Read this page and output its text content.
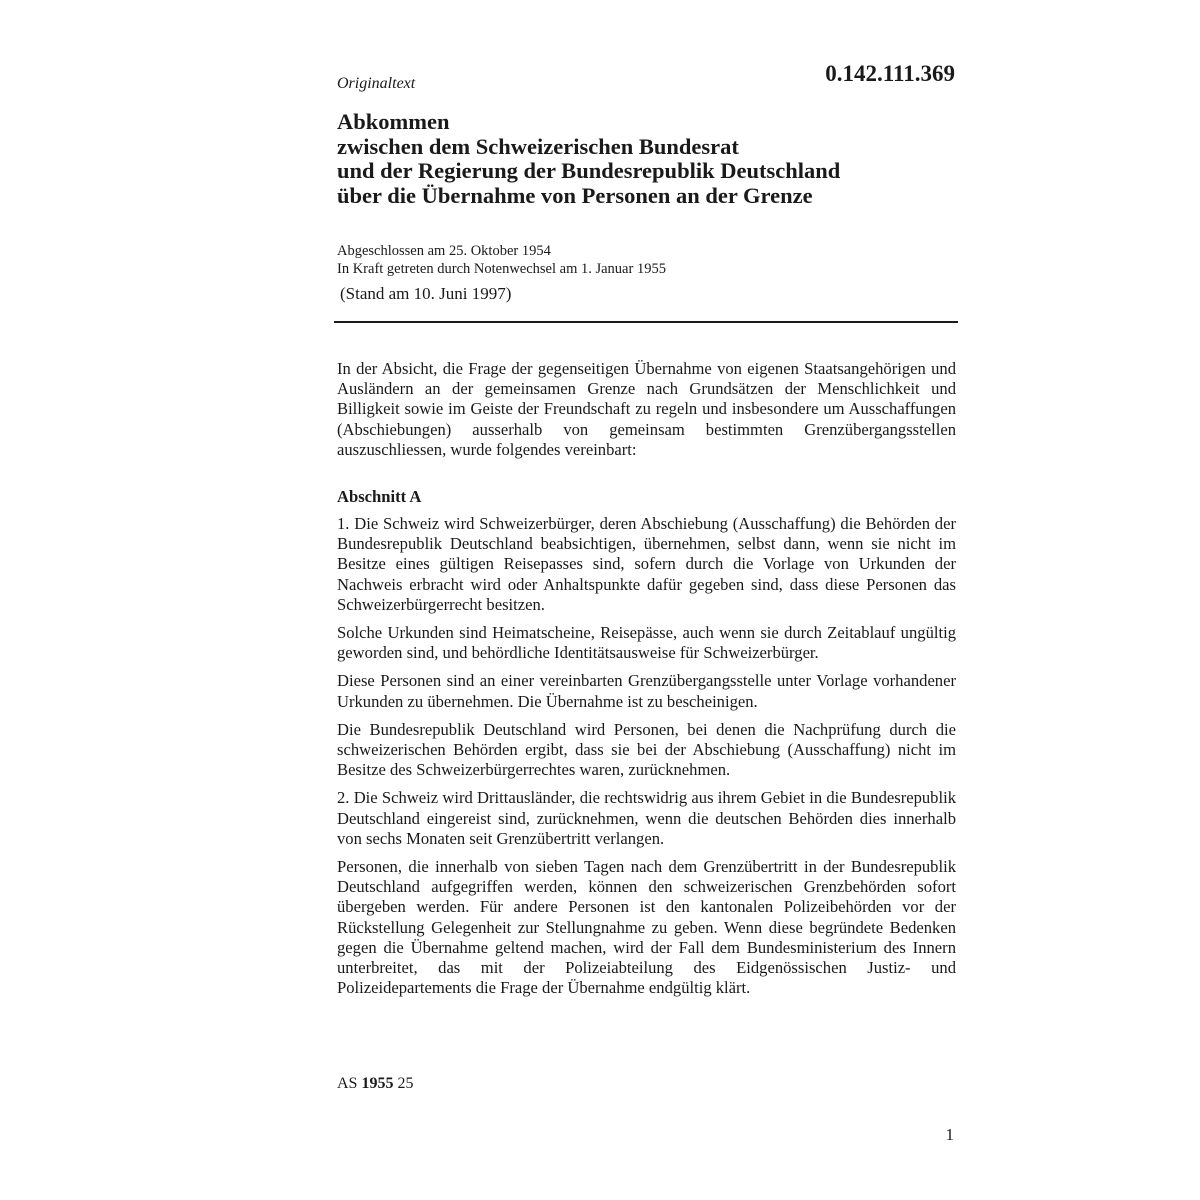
Originaltext	0.142.111.369
Abkommen
zwischen dem Schweizerischen Bundesrat
und der Regierung der Bundesrepublik Deutschland
über die Übernahme von Personen an der Grenze
Abgeschlossen am 25. Oktober 1954
In Kraft getreten durch Notenwechsel am 1. Januar 1955
(Stand am 10. Juni 1997)

In der Absicht, die Frage der gegenseitigen Übernahme von eigenen Staatsangehörigen und Ausländern an der gemeinsamen Grenze nach Grundsätzen der Menschlichkeit und Billigkeit sowie im Geiste der Freundschaft zu regeln und insbesondere um Ausschaffungen (Abschiebungen) ausserhalb von gemeinsam bestimmten Grenzübergangsstellen auszuschliessen, wurde folgendes vereinbart:

Abschnitt A

1. Die Schweiz wird Schweizerbürger, deren Abschiebung (Ausschaffung) die Behörden der Bundesrepublik Deutschland beabsichtigen, übernehmen, selbst dann, wenn sie nicht im Besitze eines gültigen Reisepasses sind, sofern durch die Vorlage von Urkunden der Nachweis erbracht wird oder Anhaltspunkte dafür gegeben sind, dass diese Personen das Schweizerbürgerrecht besitzen.

Solche Urkunden sind Heimatscheine, Reisepässe, auch wenn sie durch Zeitablauf ungültig geworden sind, und behördliche Identitätsausweise für Schweizerbürger.

Diese Personen sind an einer vereinbarten Grenzübergangsstelle unter Vorlage vorhandener Urkunden zu übernehmen. Die Übernahme ist zu bescheinigen.

Die Bundesrepublik Deutschland wird Personen, bei denen die Nachprüfung durch die schweizerischen Behörden ergibt, dass sie bei der Abschiebung (Ausschaffung) nicht im Besitze des Schweizerbürgerrechtes waren, zurücknehmen.

2. Die Schweiz wird Drittausländer, die rechtswidrig aus ihrem Gebiet in die Bundesrepublik Deutschland eingereist sind, zurücknehmen, wenn die deutschen Behörden dies innerhalb von sechs Monaten seit Grenzübertritt verlangen.

Personen, die innerhalb von sieben Tagen nach dem Grenzübertritt in der Bundesrepublik Deutschland aufgegriffen werden, können den schweizerischen Grenzbehörden sofort übergeben werden. Für andere Personen ist den kantonalen Polizeibehörden vor der Rückstellung Gelegenheit zur Stellungnahme zu geben. Wenn diese begründete Bedenken gegen die Übernahme geltend machen, wird der Fall dem Bundesministerium des Innern unterbreitet, das mit der Polizeiabteilung des Eidgenössischen Justiz- und Polizeidepartements die Frage der Übernahme endgültig klärt.

AS 1955 25
1
